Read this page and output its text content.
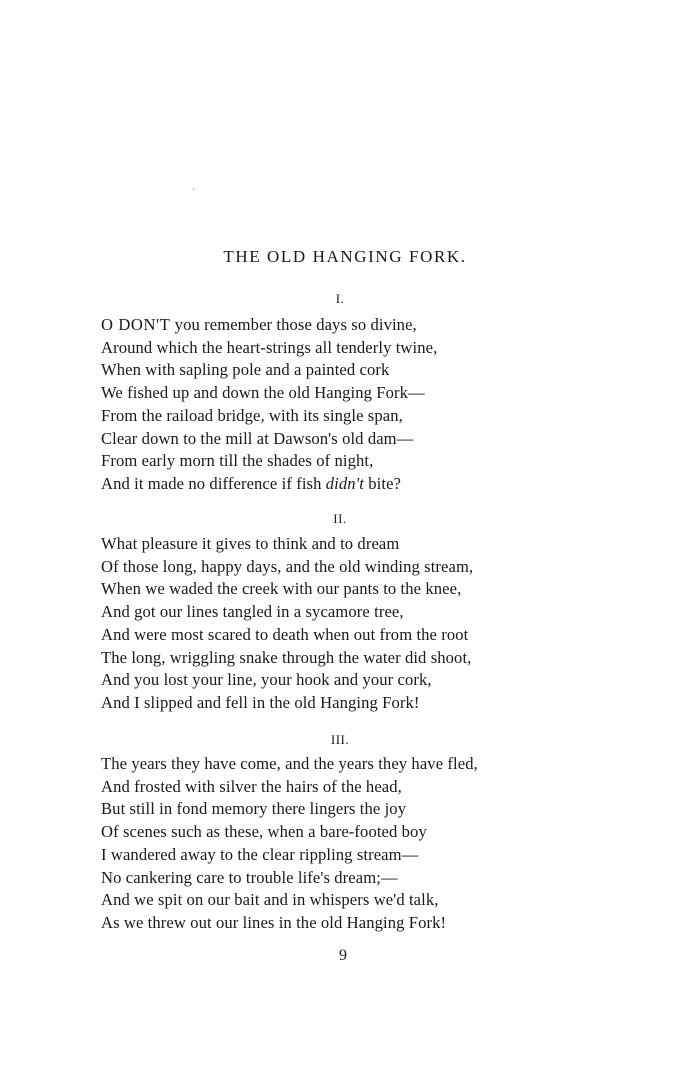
THE OLD HANGING FORK.
I.
O DON'T you remember those days so divine,
Around which the heart-strings all tenderly twine,
When with sapling pole and a painted cork
We fished up and down the old Hanging Fork—
From the raiload bridge, with its single span,
Clear down to the mill at Dawson's old dam—
From early morn till the shades of night,
And it made no difference if fish didn't bite?
II.
What pleasure it gives to think and to dream
Of those long, happy days, and the old winding stream,
When we waded the creek with our pants to the knee,
And got our lines tangled in a sycamore tree,
And were most scared to death when out from the root
The long, wriggling snake through the water did shoot,
And you lost your line, your hook and your cork,
And I slipped and fell in the old Hanging Fork!
III.
The years they have come, and the years they have fled,
And frosted with silver the hairs of the head,
But still in fond memory there lingers the joy
Of scenes such as these, when a bare-footed boy
I wandered away to the clear rippling stream—
No cankering care to trouble life's dream;—
And we spit on our bait and in whispers we'd talk,
As we threw out our lines in the old Hanging Fork!
9
